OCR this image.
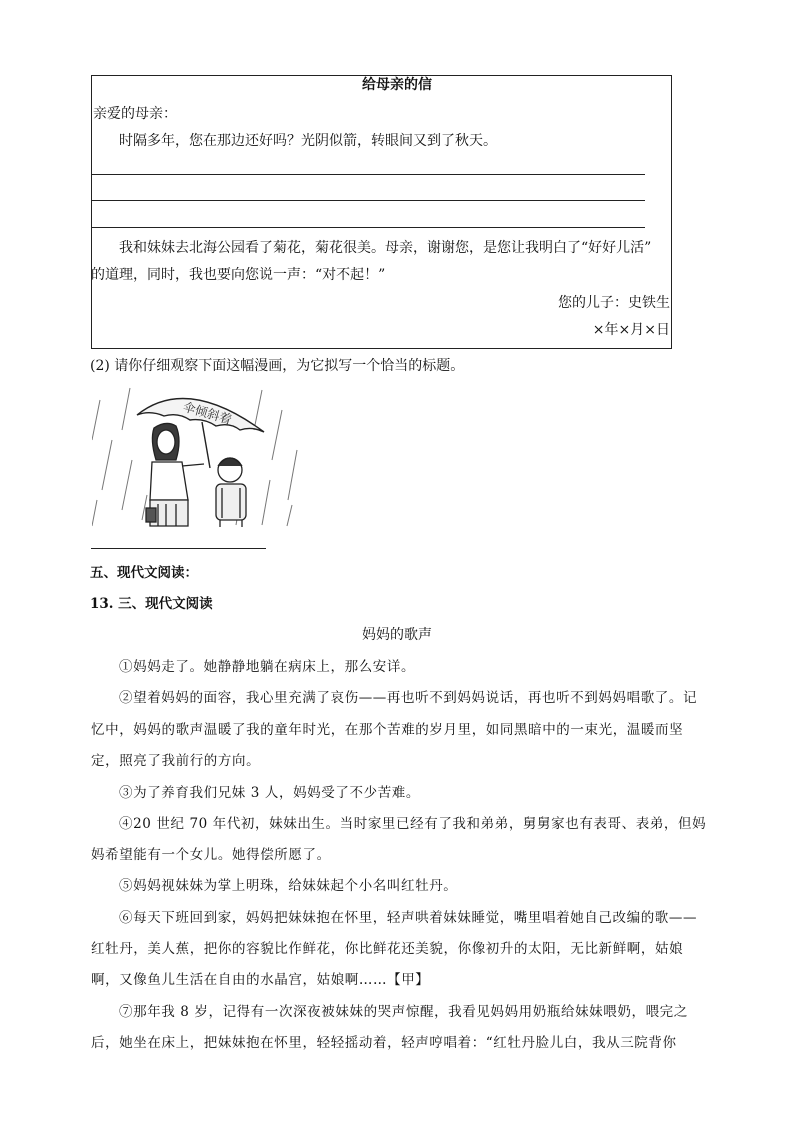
给母亲的信
亲爱的母亲：
时隔多年，您在那边还好吗？光阴似箭，转眼间又到了秋天。
我和妹妹去北海公园看了菊花，菊花很美。母亲，谢谢您，是您让我明白了“好好儿活”
的道理，同时，我也要向您说一声：“对不起！”
您的儿子：史铁生
×年×月×日
(2) 请你仔细观察下面这幅漫画，为它拟写一个恰当的标题。
伞倾斜着
五、现代文阅读：
13. 三、现代文阅读
妈妈的歌声
①妈妈走了。她静静地躺在病床上，那么安详。
②望着妈妈的面容，我心里充满了哀伤——再也听不到妈妈说话，再也听不到妈妈唱歌了。记
忆中，妈妈的歌声温暖了我的童年时光，在那个苦难的岁月里，如同黑暗中的一束光，温暖而坚
定，照亮了我前行的方向。
③为了养育我们兄妹 3 人，妈妈受了不少苦难。
④20 世纪 70 年代初，妹妹出生。当时家里已经有了我和弟弟，舅舅家也有表哥、表弟，但妈
妈希望能有一个女儿。她得偿所愿了。
⑤妈妈视妹妹为掌上明珠，给妹妹起个小名叫红牡丹。
⑥每天下班回到家，妈妈把妹妹抱在怀里，轻声哄着妹妹睡觉，嘴里唱着她自己改编的歌——
红牡丹，美人蕉，把你的容貌比作鲜花，你比鲜花还美貌，你像初升的太阳，无比新鲜啊，姑娘
啊，又像鱼儿生活在自由的水晶宫，姑娘啊……【甲】
⑦那年我 8 岁，记得有一次深夜被妹妹的哭声惊醒，我看见妈妈用奶瓶给妹妹喂奶，喂完之
后，她坐在床上，把妹妹抱在怀里，轻轻摇动着，轻声哼唱着：“红牡丹脸儿白，我从三院背你
